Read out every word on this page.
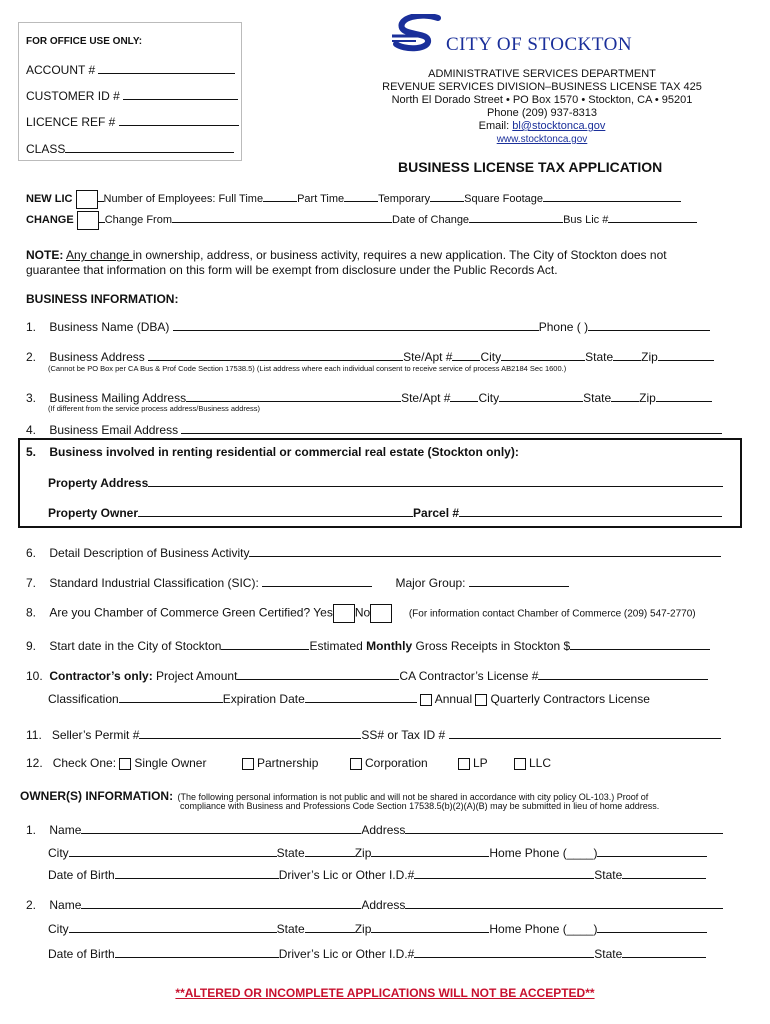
FOR OFFICE USE ONLY:
ACCOUNT #
CUSTOMER ID #
LICENCE REF #
CLASS
CITY OF STOCKTON
ADMINISTRATIVE SERVICES DEPARTMENT
REVENUE SERVICES DIVISION–BUSINESS LICENSE TAX 425
North El Dorado Street • PO Box 1570 • Stockton, CA • 95201
Phone (209) 937-8313
Email: bl@stocktonca.gov
www.stocktonca.gov
BUSINESS LICENSE TAX APPLICATION
NEW LIC	Number of Employees: Full Time	Part Time	Temporary	Square Footage
CHANGE	Change From	Date of Change	Bus Lic #
NOTE: Any change in ownership, address, or business activity, requires a new application. The City of Stockton does not
guarantee that information on this form will be exempt from disclosure under the Public Records Act.
BUSINESS INFORMATION:
1. Business Name (DBA)	Phone ( )
2. Business Address	Ste/Apt # City	State Zip
(Cannot be PO Box per CA Bus & Prof Code Section 17538.5) (List address where each individual consent to receive service of process AB2184 Sec 1600.)
3. Business Mailing Address	Ste/Apt # City	State Zip
(If different from the service process address/Business address)
4. Business Email Address
5. Business involved in renting residential or commercial real estate (Stockton only):
Property Address
Property Owner	Parcel #
6. Detail Description of Business Activity
7. Standard Industrial Classification (SIC):	Major Group:
8. Are you Chamber of Commerce Green Certified? Yes No	(For information contact Chamber of Commerce (209) 547-2770)
9. Start date in the City of Stockton	Estimated Monthly Gross Receipts in Stockton $
10. Contractor’s only: Project Amount	CA Contractor’s License #
Classification	Expiration Date	Annual Quarterly Contractors License
11. Seller’s Permit #	SS# or Tax ID #
12. Check One: Single Owner	Partnership	Corporation	LP	LLC
OWNER(S) INFORMATION: (The following personal information is not public and will not be shared in accordance with city policy OL-103.) Proof of
compliance with Business and Professions Code Section 17538.5(b)(2)(A)(B) may be submitted in lieu of home address.
1. Name	Address
City	State	Zip	Home Phone (____)
Date of Birth	Driver’s Lic or Other I.D.#	State
2. Name	Address
City	State	Zip	Home Phone (____)
Date of Birth	Driver’s Lic or Other I.D.#	State
**ALTERED OR INCOMPLETE APPLICATIONS WILL NOT BE ACCEPTED**
